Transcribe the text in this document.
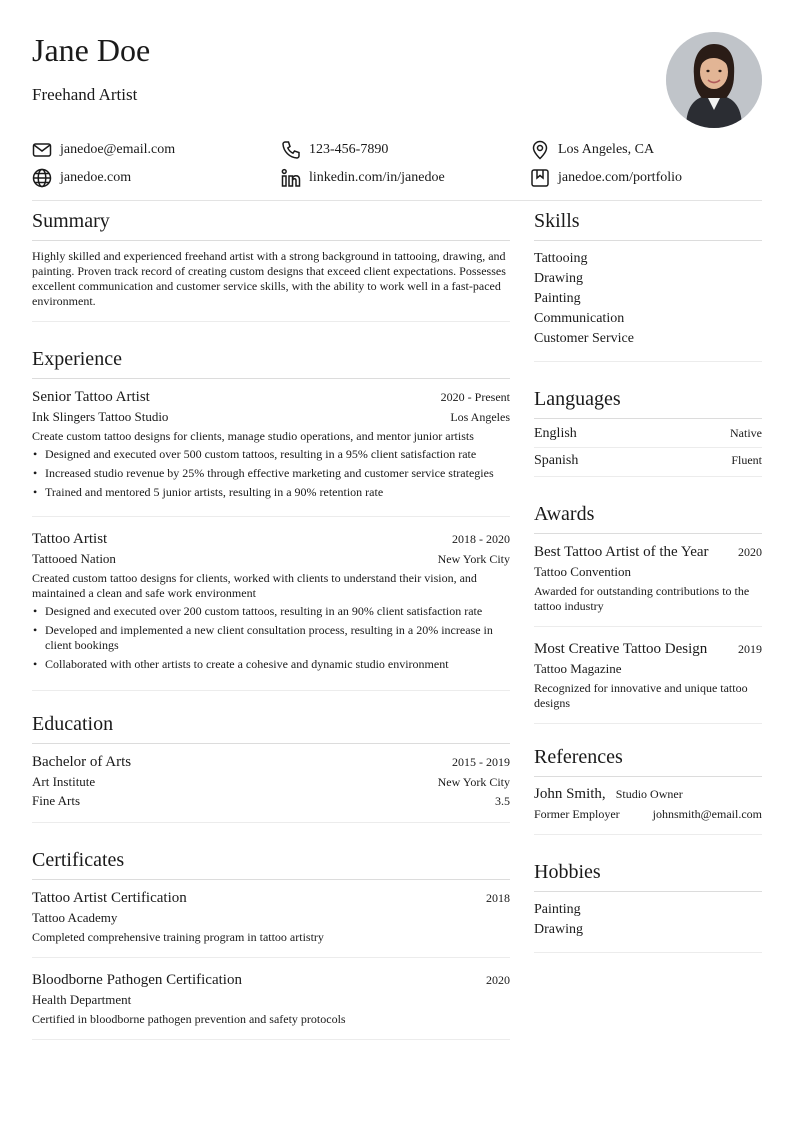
Jane Doe
Freehand Artist
janedoe@email.com	123-456-7890	Los Angeles, CA
janedoe.com	linkedin.com/in/janedoe	janedoe.com/portfolio
Summary

Highly skilled and experienced freehand artist with a strong background in tattooing, drawing, and painting. Proven track record of creating custom designs that exceed client expectations. Possesses excellent communication and customer service skills, with the ability to work well in a fast-paced environment.

Experience
Senior Tattoo Artist	2020 - Present
Ink Slingers Tattoo Studio	Los Angeles

Create custom tattoo designs for clients, manage studio operations, and mentor junior artists

• Designed and executed over 500 custom tattoos, resulting in a 95% client satisfaction rate
• Increased studio revenue by 25% through effective marketing and customer service strategies
• Trained and mentored 5 junior artists, resulting in a 90% retention rate
Tattoo Artist	2018 - 2020
Tattooed Nation	New York City

Created custom tattoo designs for clients, worked with clients to understand their vision, and maintained a clean and safe work environment

• Designed and executed over 200 custom tattoos, resulting in an 90% client satisfaction rate
• Developed and implemented a new client consultation process, resulting in a 20% increase in client bookings
• Collaborated with other artists to create a cohesive and dynamic studio environment
Education
Bachelor of Arts	2015 - 2019
Art Institute	New York City
Fine Arts	3.5
Certificates
Tattoo Artist Certification	2018
Tattoo Academy

Completed comprehensive training program in tattoo artistry

Bloodborne Pathogen Certification	2020
Health Department

Certified in bloodborne pathogen prevention and safety protocols

Skills
Tattooing
Drawing
Painting
Communication
Customer Service
Languages
English	Native
Spanish	Fluent
Awards
Best Tattoo Artist of the Year 2020
Tattoo Convention

Awarded for outstanding contributions to the tattoo industry

Most Creative Tattoo Design	2019
Tattoo Magazine

Recognized for innovative and unique tattoo designs

References
John Smith, Studio Owner
Former Employer	johnsmith@email.com
Hobbies
Painting
Drawing
